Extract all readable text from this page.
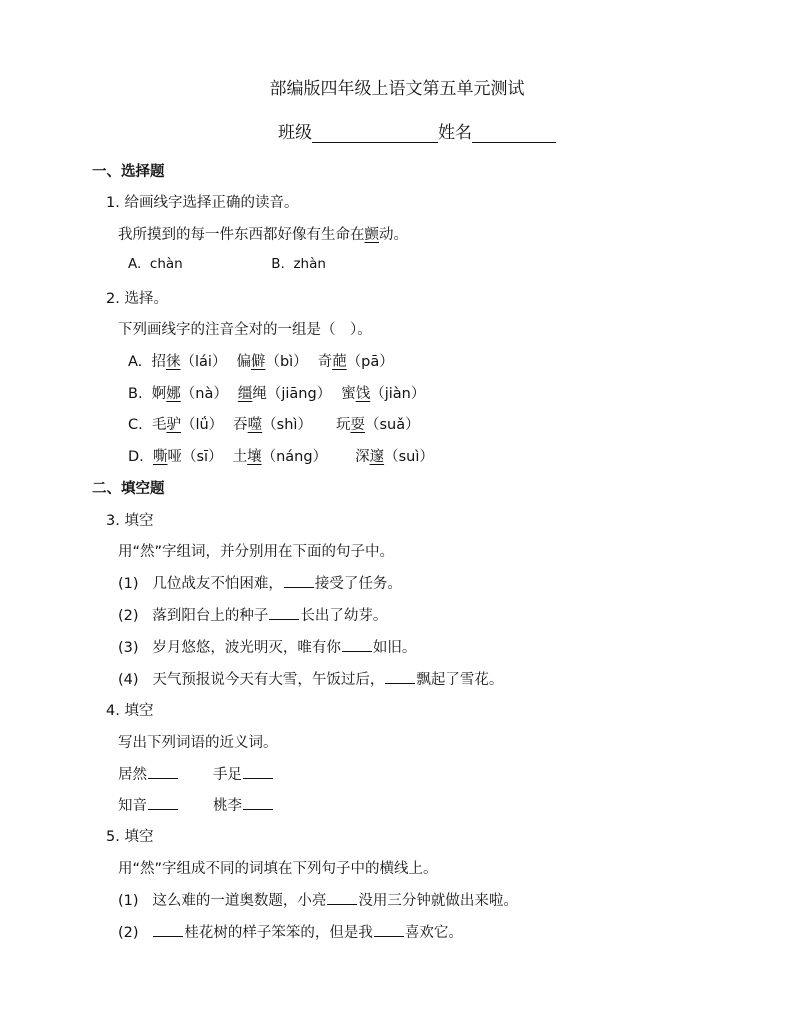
部编版四年级上语文第五单元测试
班级	姓名
一、选择题
1. 给画线字选择正确的读音。
我所摸到的每一件东西都好像有生命在颤动。
A. chàn	B. zhàn
2. 选择。
下列画线字的注音全对的一组是（　）。
A. 招徕（lái） 偏僻（bì） 奇葩（pā）
B. 婀娜（nà） 缰绳（jiāng） 蜜饯（jiàn）
C. 毛驴（lǘ） 吞噬（shì） 玩耍（suǎ）
D. 嘶哑（sī） 土壤（náng） 深邃（suì）
二、填空题
3. 填空
用“然”字组词，并分别用在下面的句子中。
(1) 几位战友不怕困难， 接受了任务。
(2) 落到阳台上的种子 长出了幼芽。
(3) 岁月悠悠，波光明灭，唯有你 如旧。
(4) 天气预报说今天有大雪，午饭过后， 飘起了雪花。
4. 填空
写出下列词语的近义词。
居然	手足
知音	桃李
5. 填空
用“然”字组成不同的词填在下列句子中的横线上。
(1) 这么难的一道奥数题，小亮 没用三分钟就做出来啦。
(2)	桂花树的样子笨笨的，但是我 喜欢它。
